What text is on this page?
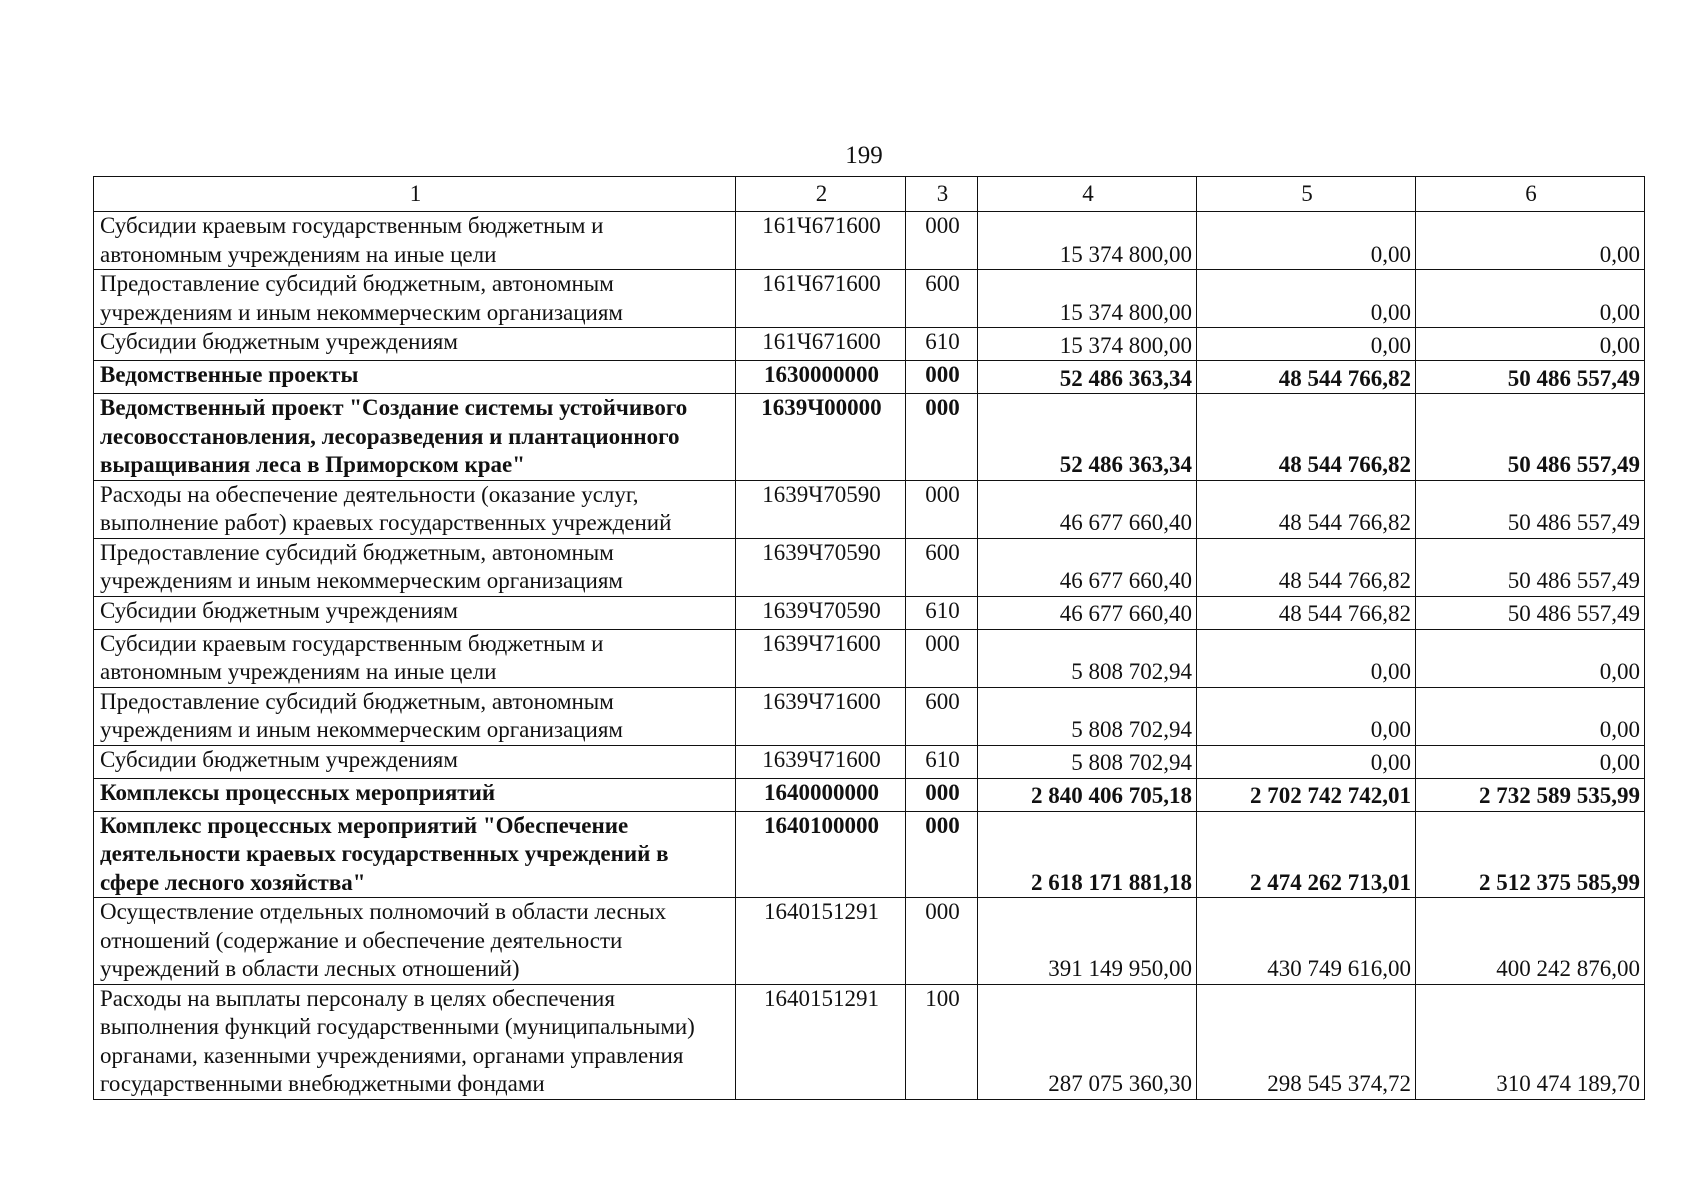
199
1	2	3	4	5	6
Субсидии краевым государственным бюджетным и автономным учреждениям на иные цели	161Ч671600	000	15 374 800,00	0,00	0,00
Предоставление субсидий бюджетным, автономным учреждениям и иным некоммерческим организациям	161Ч671600	600	15 374 800,00	0,00	0,00
Субсидии бюджетным учреждениям	161Ч671600	610	15 374 800,00	0,00	0,00
Ведомственные проекты	1630000000	000	52 486 363,34	48 544 766,82	50 486 557,49
Ведомственный проект "Создание системы устойчивого лесовосстановления, лесоразведения и плантационного выращивания леса в Приморском крае"	1639Ч00000	000	52 486 363,34	48 544 766,82	50 486 557,49
Расходы на обеспечение деятельности (оказание услуг, выполнение работ) краевых государственных учреждений	1639Ч70590	000	46 677 660,40	48 544 766,82	50 486 557,49
Предоставление субсидий бюджетным, автономным учреждениям и иным некоммерческим организациям	1639Ч70590	600	46 677 660,40	48 544 766,82	50 486 557,49
Субсидии бюджетным учреждениям	1639Ч70590	610	46 677 660,40	48 544 766,82	50 486 557,49
Субсидии краевым государственным бюджетным и автономным учреждениям на иные цели	1639Ч71600	000	5 808 702,94	0,00	0,00
Предоставление субсидий бюджетным, автономным учреждениям и иным некоммерческим организациям	1639Ч71600	600	5 808 702,94	0,00	0,00
Субсидии бюджетным учреждениям	1639Ч71600	610	5 808 702,94	0,00	0,00
Комплексы процессных мероприятий	1640000000	000	2 840 406 705,18	2 702 742 742,01	2 732 589 535,99
Комплекс процессных мероприятий "Обеспечение деятельности краевых государственных учреждений в сфере лесного хозяйства"	1640100000	000	2 618 171 881,18	2 474 262 713,01	2 512 375 585,99
Осуществление отдельных полномочий в области лесных отношений (содержание и обеспечение деятельности учреждений в области лесных отношений)	1640151291	000	391 149 950,00	430 749 616,00	400 242 876,00
Расходы на выплаты персоналу в целях обеспечения выполнения функций государственными (муниципальными) органами, казенными учреждениями, органами управления государственными внебюджетными фондами	1640151291	100	287 075 360,30	298 545 374,72	310 474 189,70
